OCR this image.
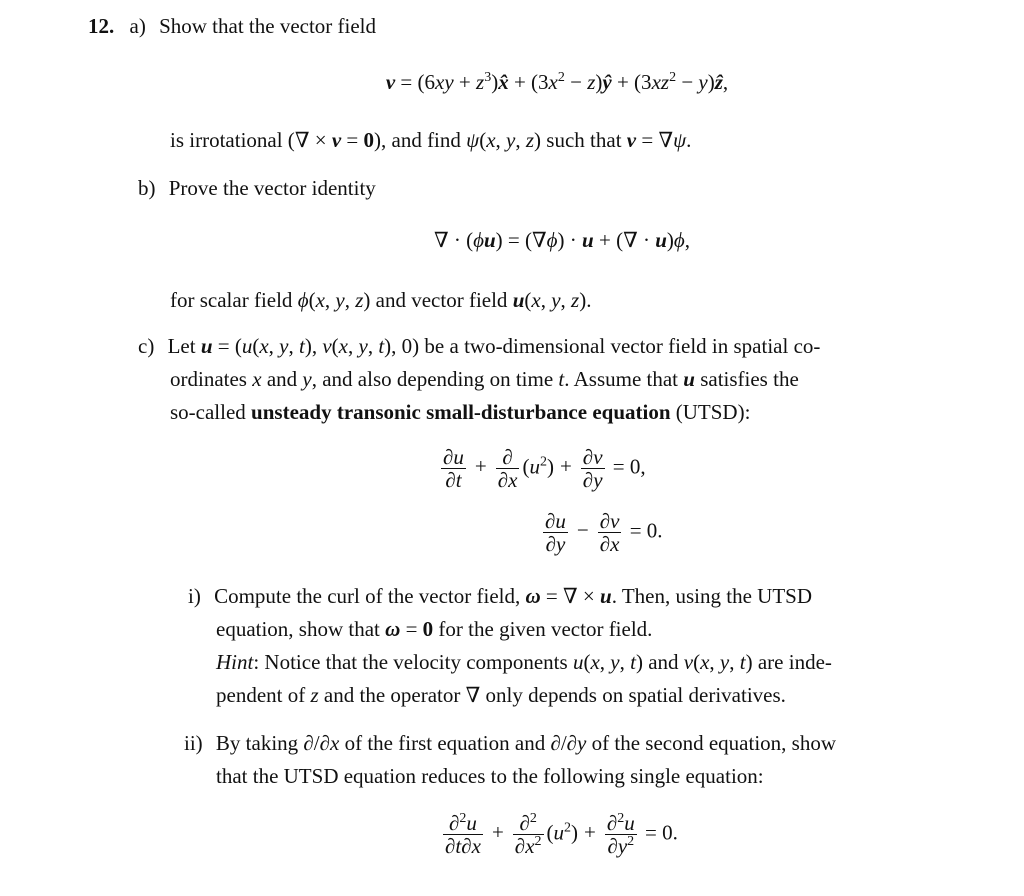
12. a) Show that the vector field
$v = (6xy + z^3)x̂ + (3x^2$ − z)ŷ + ($3xz^2$ − y)ẑ,
is irrotational (∇ × v = 0), and find ψ(x, y, z) such that v = ∇ψ.
b) Prove the vector identity
∇ · (ϕu) = (∇ϕ) · u + (∇ · u)ϕ,
for scalar field ϕ(x, y, z) and vector field u(x, y, z).
c) Let u = (u(x, y, t), v(x, y, t), 0) be a two-dimensional vector field in spatial co-
ordinates x and y, and also depending on time t. Assume that u satisfies the
so-called unsteady transonic small-disturbance equation (UTSD):
$\frac{\partial u}{\partial t} + \frac{\partial}{\partial x} (u^2) + \frac{\partial v}{\partial y} = 0$,
$\frac{\partial u}{\partial y} - \frac{\partial v}{\partial x} = 0$.
i) Compute the curl of the vector field, ω = ∇ × u. Then, using the UTSD
equation, show that ω = 0 for the given vector field.
Hint: Notice that the velocity components u(x, y, t) and v(x, y, t) are inde-
pendent of z and the operator ∇ only depends on spatial derivatives.
ii) By taking ∂/∂x of the first equation and ∂/∂y of the second equation, show
that the UTSD equation reduces to the following single equation:
$\frac{\partial^2u}{\partial t\partial x} + \frac{\partial^2}{\partial x^2} (u^2) + \frac{\partial^2u}{\partial y^2} = 0$.
